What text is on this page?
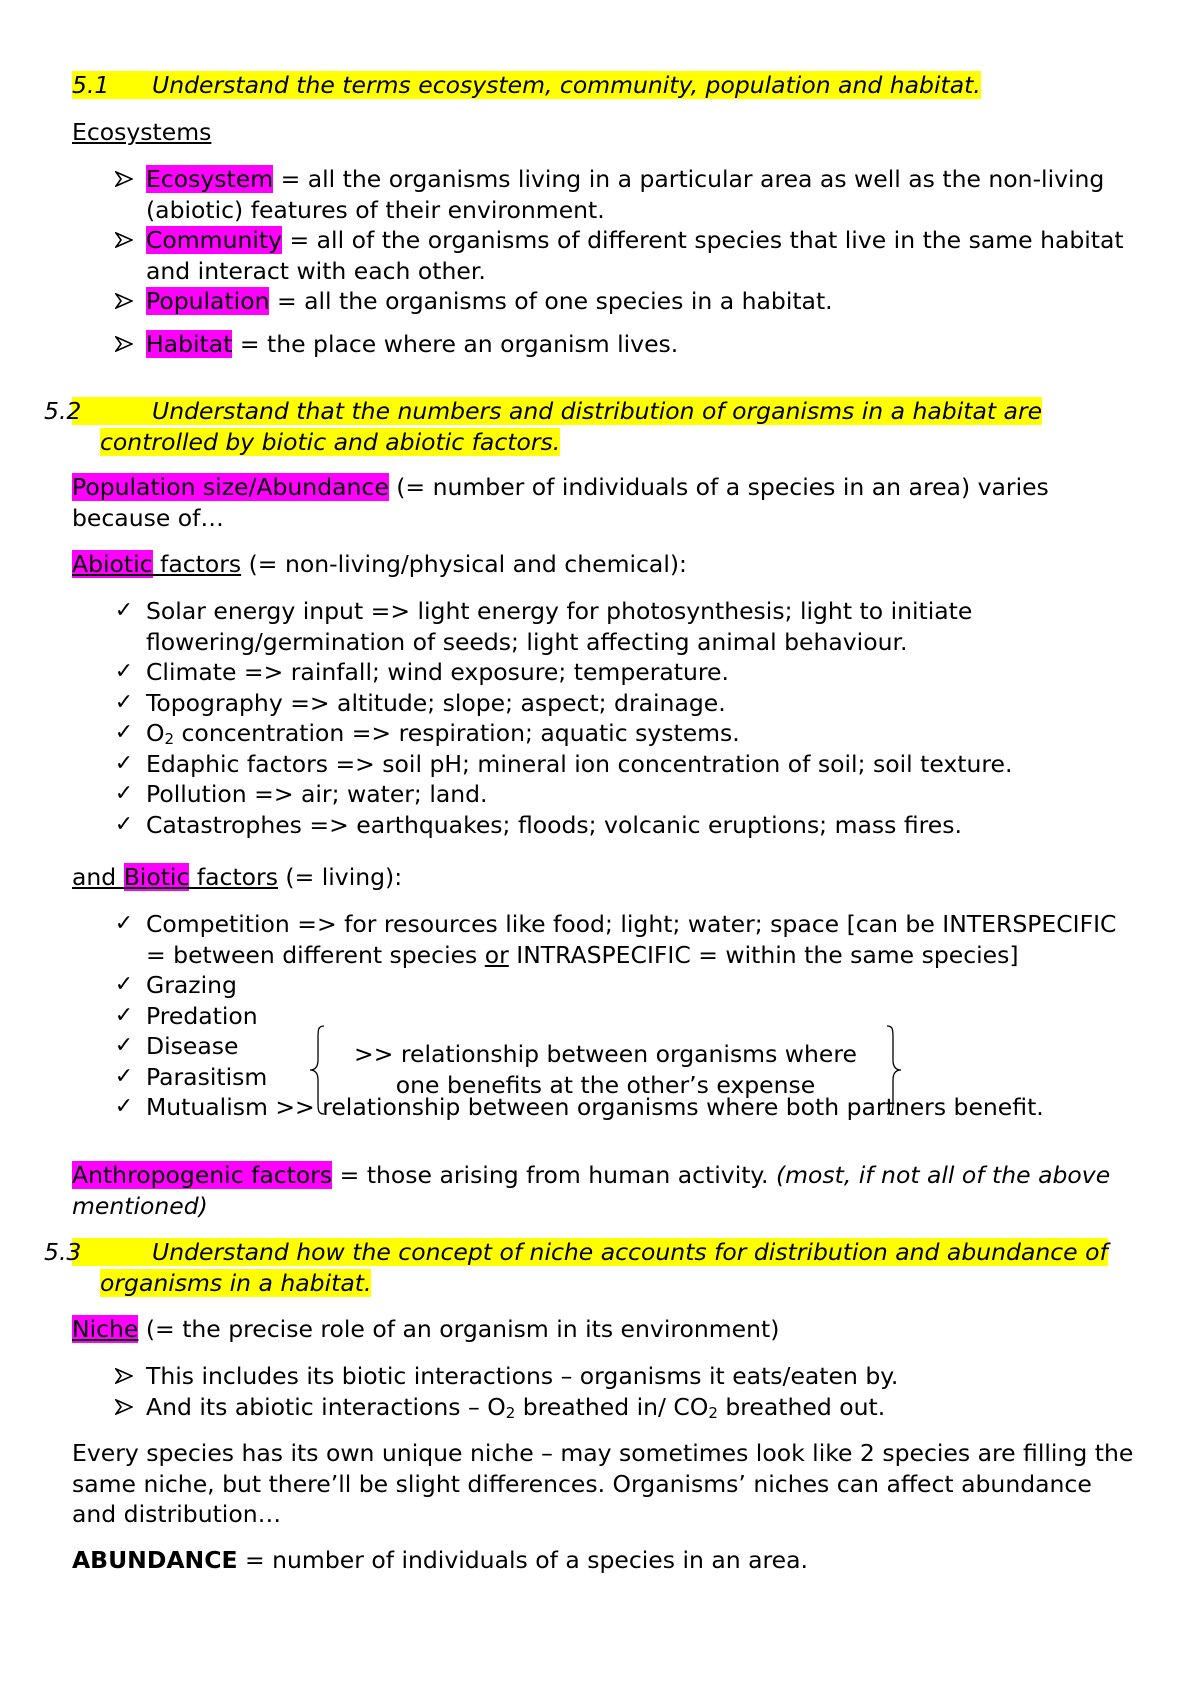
5.1 Understand the terms ecosystem, community, population and habitat.
Ecosystems
Ecosystem = all the organisms living in a particular area as well as the non-living (abiotic) features of their environment.
Community = all of the organisms of different species that live in the same habitat and interact with each other.
Population = all the organisms of one species in a habitat.
Habitat = the place where an organism lives.
5.2	Understand that the numbers and distribution of organisms in a habitat are controlled by biotic and abiotic factors.
Population size/Abundance (= number of individuals of a species in an area) varies because of…
Abiotic factors (= non-living/physical and chemical):
✓ Solar energy input => light energy for photosynthesis; light to initiate flowering/germination of seeds; light affecting animal behaviour.
✓ Climate => rainfall; wind exposure; temperature.
✓ Topography => altitude; slope; aspect; drainage.
✓ $O_2$ concentration => respiration; aquatic systems.
✓ Edaphic factors => soil pH; mineral ion concentration of soil; soil texture.
✓ Pollution => air; water; land.
✓ Catastrophes => earthquakes; floods; volcanic eruptions; mass fires.
and Biotic factors (= living):
✓ Competition => for resources like food; light; water; space [can be INTERSPECIFIC = between different species or INTRASPECIFIC = within the same species]
✓ Grazing
✓ Predation
✓ Disease
✓ Parasitism
✓ Mutualism >> relationship between organisms where both partners benefit.
>> relationship between organisms where one benefits at the other’s expense
Anthropogenic factors = those arising from human activity. (most, if not all of the above mentioned)
5.3	Understand how the concept of niche accounts for distribution and abundance of organisms in a habitat.
Niche (= the precise role of an organism in its environment)
This includes its biotic interactions – organisms it eats/eaten by.
And its abiotic interactions – $O_2$ breathed in/ $CO_2$ breathed out.
Every species has its own unique niche – may sometimes look like 2 species are filling the same niche, but there’ll be slight differences. Organisms’ niches can affect abundance and distribution…
ABUNDANCE = number of individuals of a species in an area.
